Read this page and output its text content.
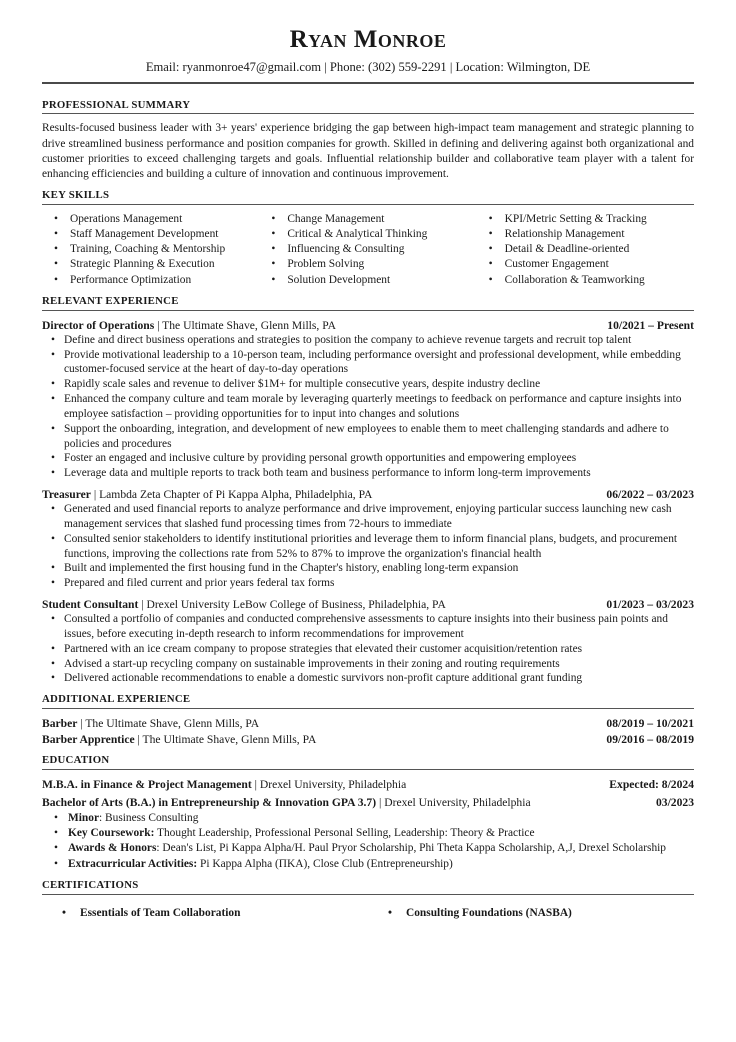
Ryan Monroe
Email: ryanmonroe47@gmail.com | Phone: (302) 559-2291 | Location: Wilmington, DE
PROFESSIONAL SUMMARY

Results-focused business leader with 3+ years' experience bridging the gap between high-impact team management and strategic planning to drive streamlined business performance and position companies for growth. Skilled in defining and delivering against both organizational and customer priorities to exceed challenging targets and goals. Influential relationship builder and collaborative team player with a talent for enhancing efficiencies and building a culture of innovation and continuous improvement.

KEY SKILLS
• Operations Management
• Staff Management Development
• Training, Coaching & Mentorship
• Strategic Planning & Execution
• Performance Optimization
• Change Management
• Critical & Analytical Thinking
• Influencing & Consulting
• Problem Solving
• Solution Development
• KPI/Metric Setting & Tracking
• Relationship Management
• Detail & Deadline-oriented
• Customer Engagement
• Collaboration & Teamworking
RELEVANT EXPERIENCE
Director of Operations | The Ultimate Shave, Glenn Mills, PA	10/2021 – Present
• Define and direct business operations and strategies to position the company to achieve revenue targets and recruit top talent
• Provide motivational leadership to a 10-person team, including performance oversight and professional development, while embedding customer-focused service at the heart of day-to-day operations
• Rapidly scale sales and revenue to deliver $1M+ for multiple consecutive years, despite industry decline
• Enhanced the company culture and team morale by leveraging quarterly meetings to feedback on performance and capture insights into employee satisfaction – providing opportunities for to input into changes and solutions
• Support the onboarding, integration, and development of new employees to enable them to meet challenging standards and adhere to policies and procedures
• Foster an engaged and inclusive culture by providing personal growth opportunities and empowering employees
• Leverage data and multiple reports to track both team and business performance to inform long-term improvements
Treasurer | Lambda Zeta Chapter of Pi Kappa Alpha, Philadelphia, PA	06/2022 – 03/2023
• Generated and used financial reports to analyze performance and drive improvement, enjoying particular success launching new cash management services that slashed fund processing times from 72-hours to immediate
• Consulted senior stakeholders to identify institutional priorities and leverage them to inform financial plans, budgets, and procurement functions, improving the collections rate from 52% to 87% to improve the organization's financial health
• Built and implemented the first housing fund in the Chapter's history, enabling long-term expansion
• Prepared and filed current and prior years federal tax forms
Student Consultant | Drexel University LeBow College of Business, Philadelphia, PA	01/2023 – 03/2023
• Consulted a portfolio of companies and conducted comprehensive assessments to capture insights into their business pain points and issues, before executing in-depth research to inform recommendations for improvement
• Partnered with an ice cream company to propose strategies that elevated their customer acquisition/retention rates
• Advised a start-up recycling company on sustainable improvements in their zoning and routing requirements
• Delivered actionable recommendations to enable a domestic survivors non-profit capture additional grant funding
ADDITIONAL EXPERIENCE
Barber | The Ultimate Shave, Glenn Mills, PA	08/2019 – 10/2021
Barber Apprentice | The Ultimate Shave, Glenn Mills, PA	09/2016 – 08/2019
EDUCATION
M.B.A. in Finance & Project Management | Drexel University, Philadelphia	Expected: 8/2024
Bachelor of Arts (B.A.) in Entrepreneurship & Innovation GPA 3.7) | Drexel University, Philadelphia	03/2023
• Minor: Business Consulting
• Key Coursework: Thought Leadership, Professional Personal Selling, Leadership: Theory & Practice
• Awards & Honors: Dean's List, Pi Kappa Alpha/H. Paul Pryor Scholarship, Phi Theta Kappa Scholarship, A,J, Drexel Scholarship
• Extracurricular Activities: Pi Kappa Alpha (ΠΚΑ), Close Club (Entrepreneurship)
CERTIFICATIONS
• Essentials of Team Collaboration	• Consulting Foundations (NASBA)
